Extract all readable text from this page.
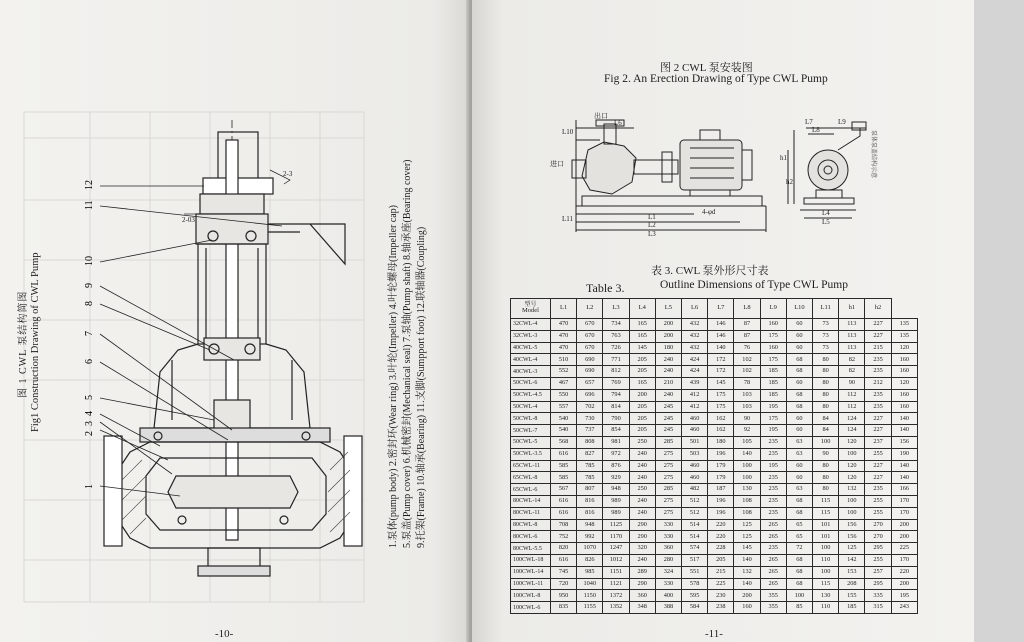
2-3
2-03
1
2
3
4
5
6
7
8
9
10
11
12
图 1 CWL 泵结构简图 Fig1 Construction Drawing of CWL Pump	1.泵体(pump body) 2.密封环(Wear ring) 3.叶轮(Impeller) 4.叶轮螺母(Impeller cap) 5.泵盖(Pump cover) 6.机械密封(Mechanical seal) 7.泵轴(Pump shaft) 8.轴承座(Bearing cover) 9.托架(Frame) 10.轴承(Bearing) 11.支脚(Sumpport foot) 12.联轴器(Coupling)
-10-
图 2 CWL 泵安装图
Fig 2. An Erection Drawing of Type CWL Pump
出口
L6
L10
进口
L11	L1
L2
L3
4-φd
L7
L8
L9
L4
L5
h1
h2
泵体泵盖结构示意
表 3. CWL 泵外形尺寸表
Table 3.	Outline Dimensions of Type CWL Pump
型号
Model	L1	L2	L3	L4	L5	L6	L7	L8	L9	L10	L11	h1	h2	
32CWL-4	470	670	734	165	200	432	146	87	160	60	73	113	227	135
32CWL-3	470	670	763	165	200	432	146	87	175	60	73	113	227	135
40CWL-5	470	670	726	145	180	432	140	76	160	60	73	113	215	120
40CWL-4	510	690	771	205	240	424	172	102	175	68	80	82	235	160
40CWL-3	552	690	812	205	240	424	172	102	185	68	80	82	235	160
50CWL-6	467	657	769	165	210	439	145	78	185	60	80	90	212	120
50CWL-4.5	550	696	794	200	240	412	175	103	185	68	80	112	235	160
50CWL-4	557	702	814	205	245	412	175	103	195	68	80	112	235	160
50CWL-8	540	730	790	205	245	460	162	90	175	60	84	124	227	140
50CWL-7	540	737	854	205	245	460	162	92	195	60	84	124	227	140
50CWL-5	568	808	981	250	285	501	180	105	235	63	100	120	237	156
50CWL-3.5	616	827	972	240	275	503	196	140	235	63	90	100	255	190
65CWL-11	585	785	876	240	275	460	179	100	195	60	80	120	227	140
65CWL-8	585	785	929	240	275	460	179	100	235	60	80	120	227	140
65CWL-6	567	807	948	250	285	482	187	130	235	63	80	132	235	166
80CWL-14	616	816	989	240	275	512	196	108	235	68	115	100	255	170
80CWL-11	616	816	989	240	275	512	196	108	235	68	115	100	255	170
80CWL-8	708	948	1125	290	330	514	220	125	265	65	101	156	270	200
80CWL-6	752	992	1170	290	330	514	220	125	265	65	101	156	270	200
80CWL-5.5	820	1070	1247	320	360	574	228	145	235	72	100	125	295	225
100CWL-18	616	826	1012	240	280	517	205	140	265	68	110	142	255	170
100CWL-14	745	985	1151	289	324	551	215	132	265	68	100	153	257	220
100CWL-11	720	1040	1121	290	330	578	225	140	265	68	115	208	295	200
100CWL-8	950	1150	1372	360	400	595	230	200	355	100	130	155	335	195
100CWL-6	835	1155	1352	348	388	584	238	160	355	85	110	185	315	243
-11-
